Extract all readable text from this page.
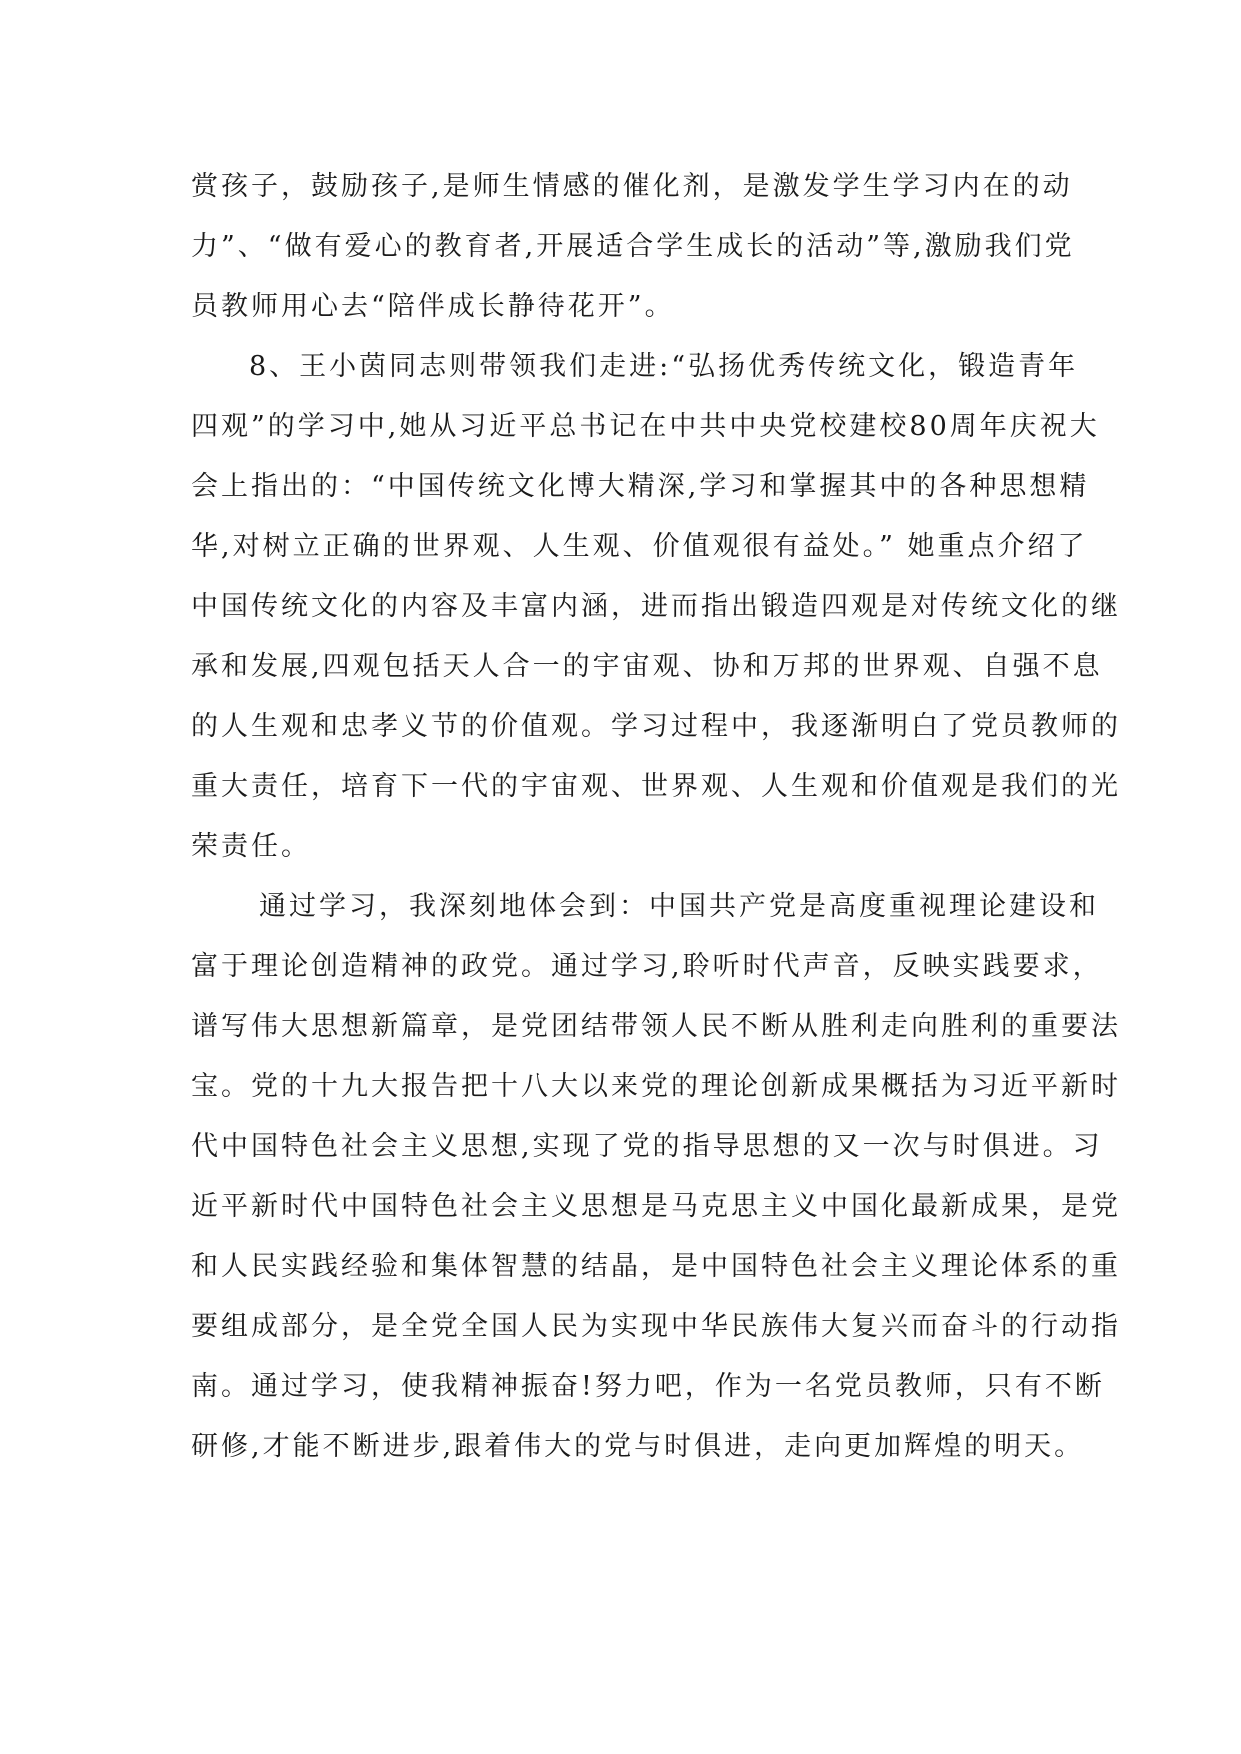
赏孩子，鼓励孩子,是师生情感的催化剂，是激发学生学习内在的动
力”、“做有爱心的教育者,开展适合学生成长的活动”等,激励我们党
员教师用心去“陪伴成长静待花开”。
8、王小茵同志则带领我们走进:“弘扬优秀传统文化，锻造青年
四观”的学习中,她从习近平总书记在中共中央党校建校80周年庆祝大
会上指出的：“中国传统文化博大精深,学习和掌握其中的各种思想精
华,对树立正确的世界观、人生观、价值观很有益处。” 她重点介绍了
中国传统文化的内容及丰富内涵，进而指出锻造四观是对传统文化的继
承和发展,四观包括天人合一的宇宙观、协和万邦的世界观、自强不息
的人生观和忠孝义节的价值观。学习过程中，我逐渐明白了党员教师的
重大责任，培育下一代的宇宙观、世界观、人生观和价值观是我们的光
荣责任。
通过学习，我深刻地体会到：中国共产党是高度重视理论建设和
富于理论创造精神的政党。通过学习,聆听时代声音，反映实践要求，
谱写伟大思想新篇章，是党团结带领人民不断从胜利走向胜利的重要法
宝。党的十九大报告把十八大以来党的理论创新成果概括为习近平新时
代中国特色社会主义思想,实现了党的指导思想的又一次与时俱进。习
近平新时代中国特色社会主义思想是马克思主义中国化最新成果，是党
和人民实践经验和集体智慧的结晶，是中国特色社会主义理论体系的重
要组成部分，是全党全国人民为实现中华民族伟大复兴而奋斗的行动指
南。通过学习，使我精神振奋!努力吧，作为一名党员教师，只有不断
研修,才能不断进步,跟着伟大的党与时俱进，走向更加辉煌的明天。
